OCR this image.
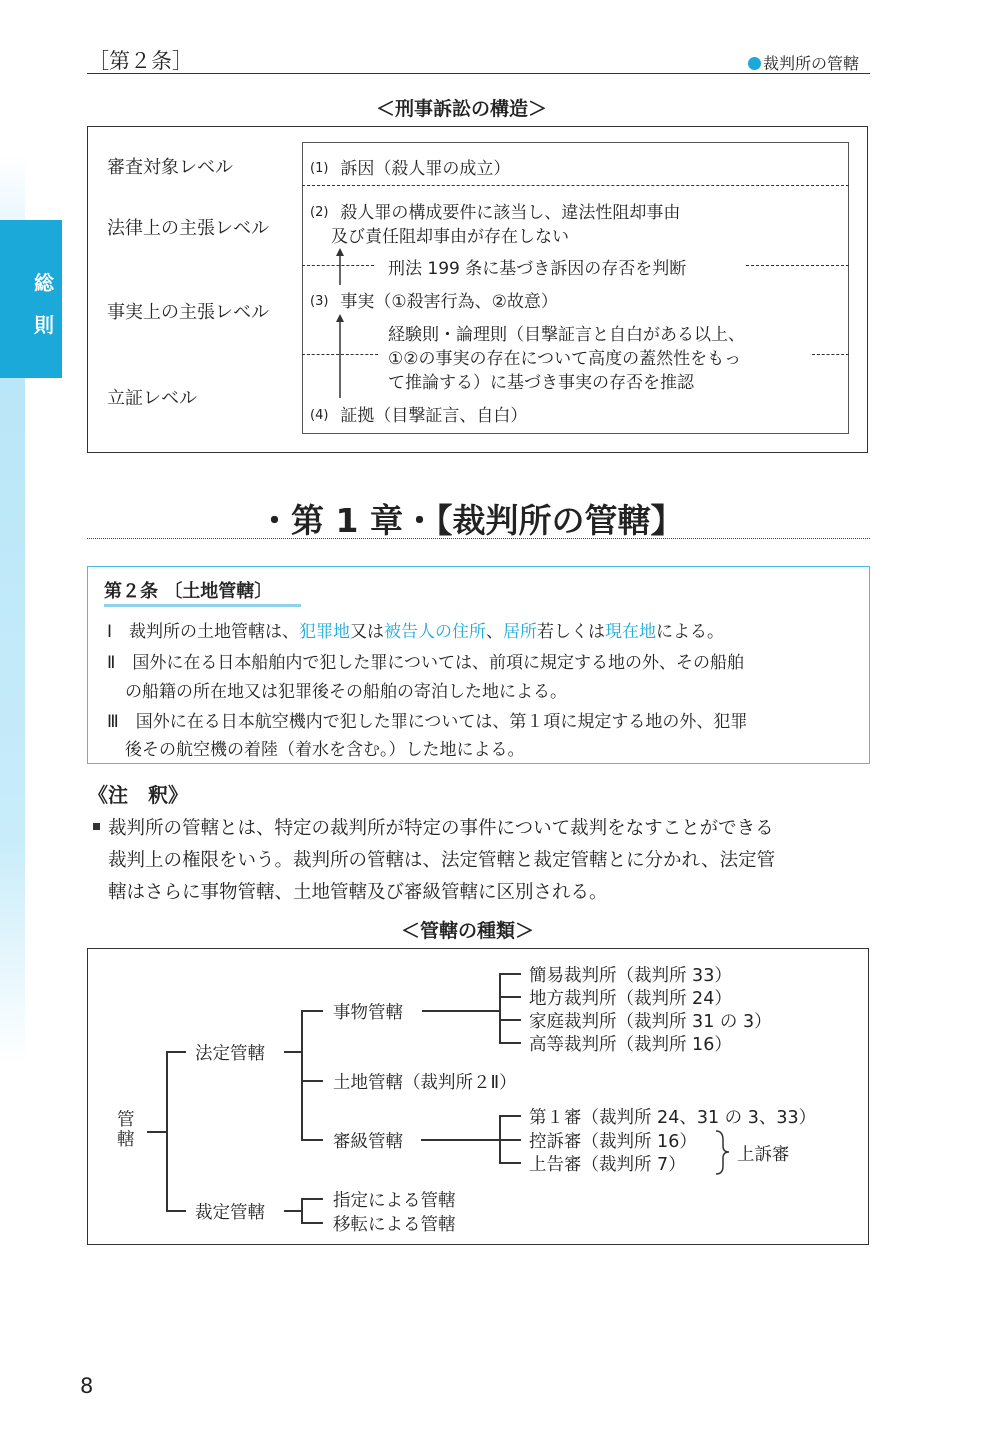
［第２条］	裁判所の管轄
総則
＜刑事訴訟の構造＞
審査対象レベル
法律上の主張レベル
事実上の主張レベル
立証レベル
(1) 訴因（殺人罪の成立）
(2) 殺人罪の構成要件に該当し、違法性阻却事由
及び責任阻却事由が存在しない
刑法 199 条に基づき訴因の存否を判断
(3) 事実（①殺害行為、②故意）
経験則・論理則（目撃証言と自白がある以上、
①②の事実の存在について高度の蓋然性をもっ
て推論する）に基づき事実の存否を推認
(4) 証拠（目撃証言、自白）
・第 1 章・【裁判所の管轄】
第２条 〔土地管轄〕
Ⅰ　 裁判所の土地管轄は、犯罪地又は被告人の住所、居所若しくは現在地による。
Ⅱ　 国外に在る日本船舶内で犯した罪については、前項に規定する地の外、その船舶
の船籍の所在地又は犯罪後その船舶の寄泊した地による。
Ⅲ　 国外に在る日本航空機内で犯した罪については、第１項に規定する地の外、犯罪
後その航空機の着陸（着水を含む。）した地による。
《注　釈》
裁判所の管轄とは、特定の裁判所が特定の事件について裁判をなすことができる
裁判上の権限をいう。裁判所の管轄は、法定管轄と裁定管轄とに分かれ、法定管
轄はさらに事物管轄、土地管轄及び審級管轄に区別される。
＜管轄の種類＞
管轄
法定管轄
事物管轄
土地管轄（裁判所２Ⅱ）
審級管轄
簡易裁判所（裁判所 33）
地方裁判所（裁判所 24）
家庭裁判所（裁判所 31 の 3）
高等裁判所（裁判所 16）
第１審（裁判所 24、31 の 3、33）
控訴審（裁判所 16）
上告審（裁判所 7）	上訴審
裁定管轄
指定による管轄
移転による管轄
8
